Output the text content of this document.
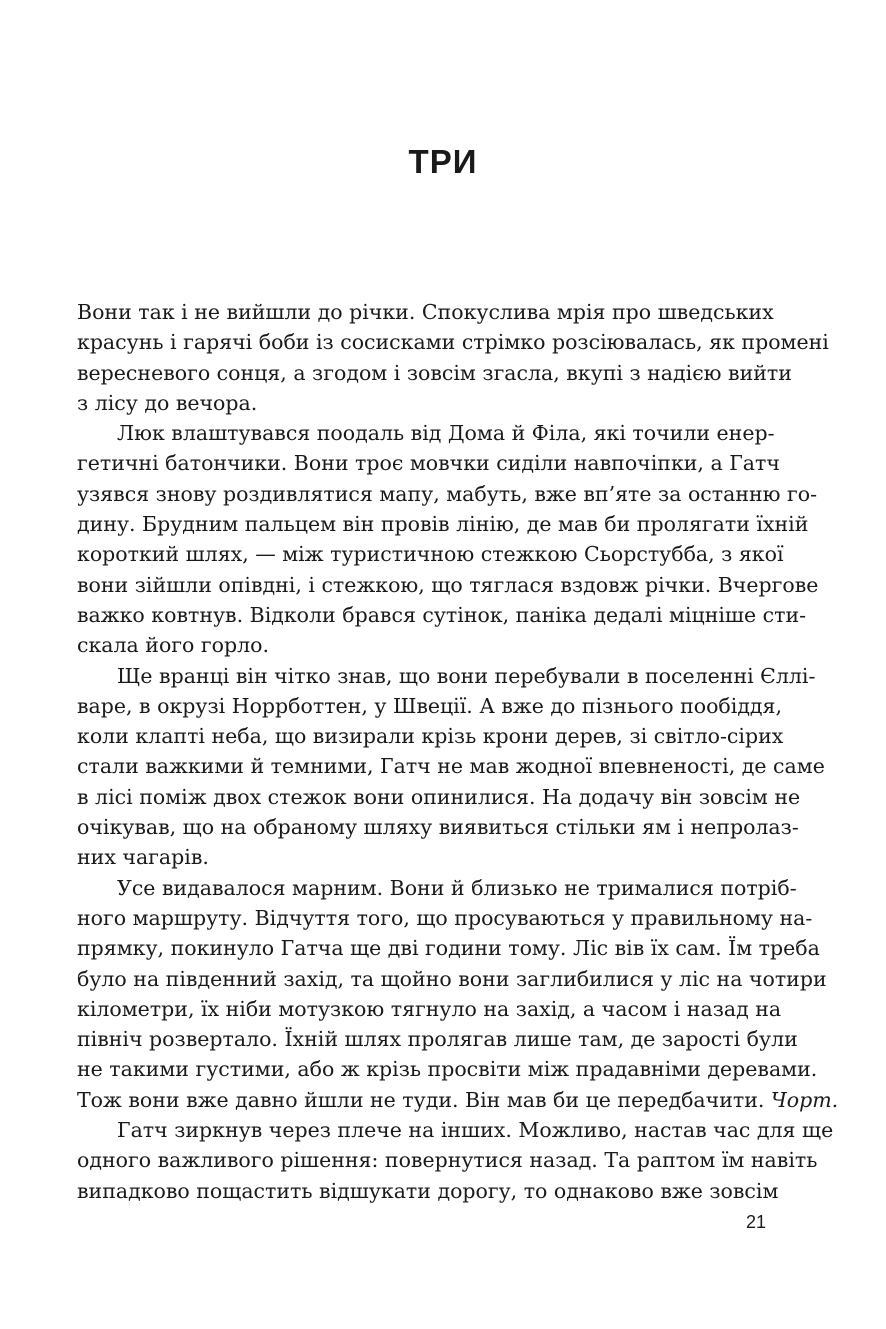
ТРИ
Вони так і не вийшли до річки. Спокуслива мрія про шведських
красунь і гарячі боби із сосисками стрімко розсіювалась, як промені
вересневого сонця, а згодом і зовсім згасла, вкупі з надією вийти
з лісу до вечора.
Люк влаштувався поодаль від Дома й Філа, які точили енер-
гетичні батончики. Вони троє мовчки сиділи навпочіпки, а Гатч
узявся знову роздивлятися мапу, мабуть, вже вп’яте за останню го-
дину. Брудним пальцем він провів лінію, де мав би пролягати їхній
короткий шлях, — між туристичною стежкою Сьорстубба, з якої
вони зійшли опівдні, і стежкою, що тяглася вздовж річки. Вчергове
важко ковтнув. Відколи брався сутінок, паніка дедалі міцніше сти-
скала його горло.
Ще вранці він чітко знав, що вони перебували в поселенні Єллі-
варе, в окрузі Норрботтен, у Швеції. А вже до пізнього пообіддя,
коли клапті неба, що визирали крізь крони дерев, зі світло-сірих
стали важкими й темними, Гатч не мав жодної впевненості, де саме
в лісі поміж двох стежок вони опинилися. На додачу він зовсім не
очікував, що на обраному шляху виявиться стільки ям і непролаз-
них чагарів.
Усе видавалося марним. Вони й близько не трималися потріб-
ного маршруту. Відчуття того, що просуваються у правильному на-
прямку, покинуло Гатча ще дві години тому. Ліс вів їх сам. Їм треба
було на південний захід, та щойно вони заглибилися у ліс на чотири
кілометри, їх ніби мотузкою тягнуло на захід, а часом і назад на
північ розвертало. Їхній шлях пролягав лише там, де зарості були
не такими густими, або ж крізь просвіти між прадавніми деревами.
Тож вони вже давно йшли не туди. Він мав би це передбачити. Чорт.
Гатч зиркнув через плече на інших. Можливо, настав час для ще
одного важливого рішення: повернутися назад. Та раптом їм навіть
випадково пощастить відшукати дорогу, то однаково вже зовсім
21
